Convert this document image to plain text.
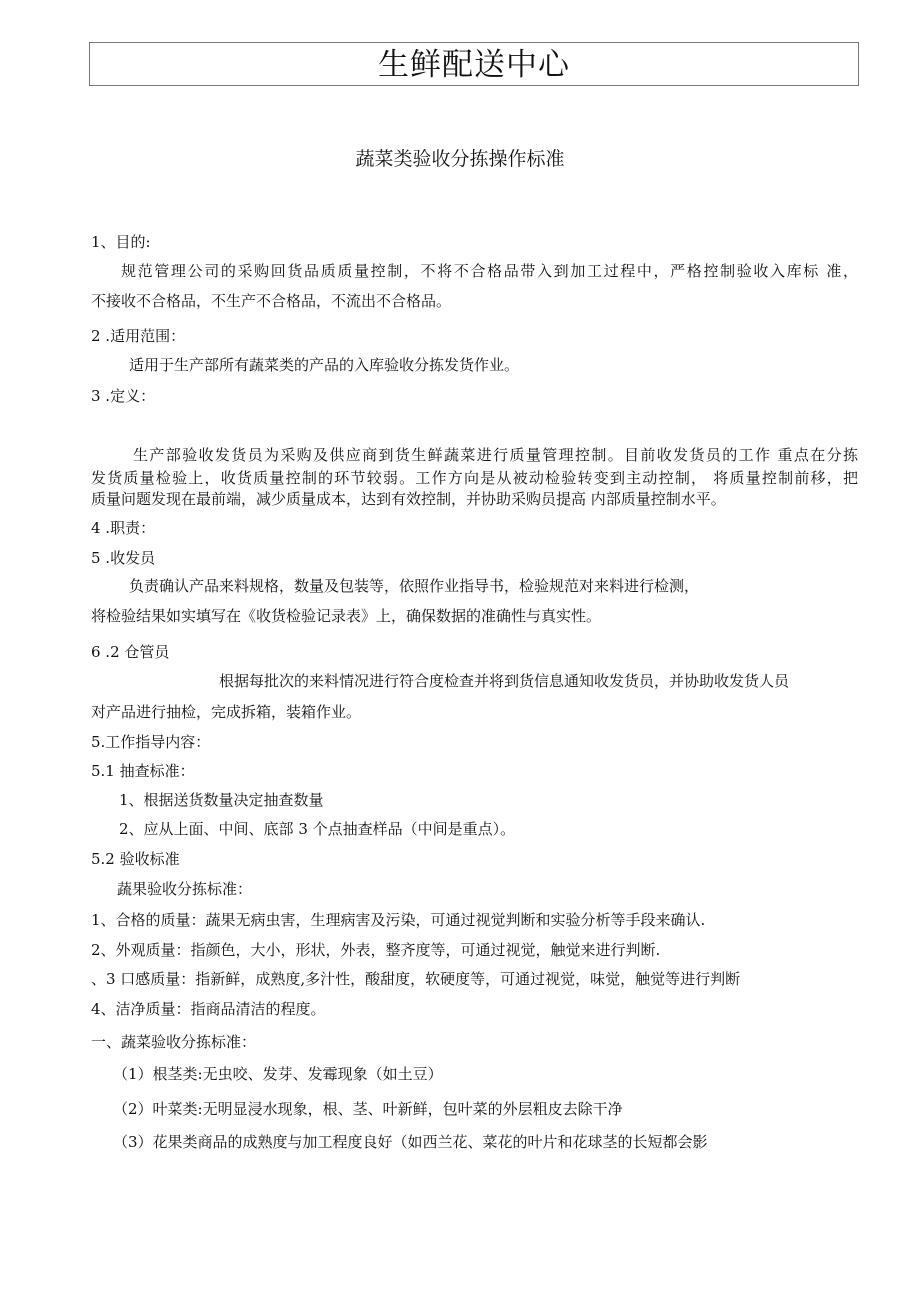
生鲜配送中心
蔬菜类验收分拣操作标准
1、目的:
规范管理公司的采购回货品质质量控制，不将不合格品带入到加工过程中，严格控制验收入库标 准，
不接收不合格品，不生产不合格品，不流出不合格品。
2 .适用范围：
适用于生产部所有蔬菜类的产品的入库验收分拣发货作业。
3 .定义：
生产部验收发货员为采购及供应商到货生鲜蔬菜进行质量管理控制。目前收发货员的工作 重点在分拣
发货质量检验上，收货质量控制的环节较弱。工作方向是从被动检验转变到主动控制， 将质量控制前移，把
质量问题发现在最前端，减少质量成本，达到有效控制，并协助采购员提高 内部质量控制水平。
4 .职责：
5 .收发员
负责确认产品来料规格，数量及包装等，依照作业指导书，检验规范对来料进行检测，
将检验结果如实填写在《收货检验记录表》上，确保数据的准确性与真实性。
6 .2 仓管员
根据每批次的来料情况进行符合度检查并将到货信息通知收发货员，并协助收发货人员
对产品进行抽检，完成拆箱，装箱作业。
5.工作指导内容：
5.1 抽查标准：
1、根据送货数量决定抽查数量
2、应从上面、中间、底部 3 个点抽查样品（中间是重点）。
5.2 验收标准
蔬果验收分拣标准：
1、合格的质量：蔬果无病虫害，生理病害及污染，可通过视觉判断和实验分析等手段来确认.
2、外观质量：指颜色，大小，形状，外表，整齐度等，可通过视觉，触觉来进行判断.
、3 口感质量：指新鲜，成熟度,多汁性，酸甜度，软硬度等，可通过视觉，味觉，触觉等进行判断
4、洁净质量：指商品清洁的程度。
一、蔬菜验收分拣标准：
（1）根茎类:无虫咬、发芽、发霉现象（如土豆）
（2）叶菜类:无明显浸水现象，根、茎、叶新鲜，包叶菜的外层粗皮去除干净
（3）花果类商品的成熟度与加工程度良好（如西兰花、菜花的叶片和花球茎的长短都会影
